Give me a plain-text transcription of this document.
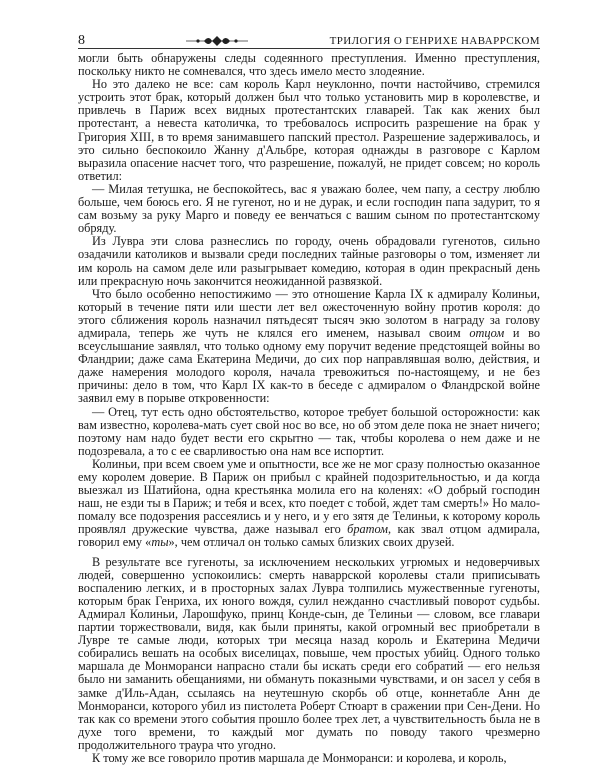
8	ТРИЛОГИЯ О ГЕНРИХЕ НАВАРРСКОМ

могли быть обнаружены следы содеянного преступления. Именно преступления, поскольку никто не сомневался, что здесь имело место злодеяние.

Но это далеко не все: сам король Карл неуклонно, почти настойчиво, стремился устроить этот брак, который должен был что только установить мир в королевстве, и привлечь в Париж всех видных протестантских главарей. Так как жених был протестант, а невеста католичка, то требовалось испросить разрешение на брак у Григория XIII, в то время занимавшего папский престол. Разрешение задерживалось, и это сильно беспокоило Жанну д'Альбре, которая однажды в разговоре с Карлом выразила опасение насчет того, что разрешение, пожалуй, не придет совсем; но король ответил:

— Милая тетушка, не беспокойтесь, вас я уважаю более, чем папу, а сестру люблю больше, чем боюсь его. Я не гугенот, но и не дурак, и если господин папа задурит, то я сам возьму за руку Марго и поведу ее венчаться с вашим сыном по протестантскому обряду.

Из Лувра эти слова разнеслись по городу, очень обрадовали гугенотов, сильно озадачили католиков и вызвали среди последних тайные разговоры о том, изменяет ли им король на самом деле или разыгрывает комедию, которая в один прекрасный день или прекрасную ночь закончится неожиданной развязкой.

Что было особенно непостижимо — это отношение Карла IX к адмиралу Колиньи, который в течение пяти или шести лет вел ожесточенную войну против короля: до этого сближения король назначил пятьдесят тысяч экю золотом в награду за голову адмирала, теперь же чуть не клялся его именем, называл своим отцом и во всеуслышание заявлял, что только одному ему поручит ведение предстоящей войны во Фландрии; даже сама Екатерина Медичи, до сих пор направлявшая волю, действия, и даже намерения молодого короля, начала тревожиться по-настоящему, и не без причины: дело в том, что Карл IX как-то в беседе с адмиралом о Фландрской войне заявил ему в порыве откровенности:

— Отец, тут есть одно обстоятельство, которое требует большой осторожности: как вам известно, королева-мать сует свой нос во все, но об этом деле пока не знает ничего; поэтому нам надо будет вести его скрытно — так, чтобы королева о нем даже и не подозревала, а то с ее сварливостью она нам все испортит.

Колиньи, при всем своем уме и опытности, все же не мог сразу полностью оказанное ему королем доверие. В Париж он прибыл с крайней подозрительностью, и да когда выезжал из Шатийона, одна крестьянка молила его на коленях: «О добрый господин наш, не езди ты в Париж; и тебя и всех, кто поедет с тобой, ждет там смерть!» Но мало-помалу все подозрения рассеялись и у него, и у его зятя де Телиньи, к которому король проявлял дружеские чувства, даже называл его братом, как звал отцом адмирала, говорил ему «ты», чем отличал он только самых близких своих друзей.

В результате все гугеноты, за исключением нескольких угрюмых и недоверчивых людей, совершенно успокоились: смерть наваррской королевы стали приписывать воспалению легких, и в просторных залах Лувра толпились мужественные гугеноты, которым брак Генриха, их юного вождя, сулил нежданно счастливый поворот судьбы. Адмирал Колиньи, Ларошфуко, принц Конде-сын, де Телиньи — словом, все главари партии торжествовали, видя, как были приняты, какой огромный вес приобретали в Лувре те самые люди, которых три месяца назад король и Екатерина Медичи собирались вешать на особых виселицах, повыше, чем простых убийц. Одного только маршала де Монморанси напрасно стали бы искать среди его собратий — его нельзя было ни заманить обещаниями, ни обмануть показными чувствами, и он засел у себя в замке д'Иль-Адан, ссылаясь на неутешную скорбь об отце, коннетабле Анн де Монморанси, которого убил из пистолета Роберт Стюарт в сражении при Сен-Дени. Но так как со времени этого события прошло более трех лет, а чувствительность была не в духе того времени, то каждый мог думать по поводу такого чрезмерно продолжительного траура что угодно.

К тому же все говорило против маршала де Монморанси: и королева, и король,
